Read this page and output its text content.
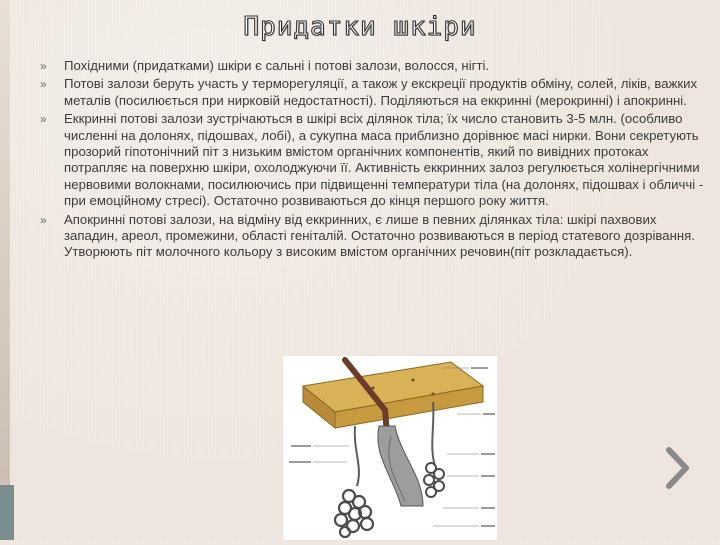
Придатки шкіри
» Похідними (придатками) шкіри є сальні і потові залози, волосся, нігті.
» Потові залози беруть участь у терморегуляції, а також у екскреції продуктів обміну, солей, ліків, важких металів (посилюється при нирковій недостатності). Поділяються на еккринні (мерокринні) і апокринні.
» Еккринні потові залози зустрічаються в шкірі всіх ділянок тіла; їх число становить 3-5 млн. (особливо численні на долонях, підошвах, лобі), а сукупна маса приблизно дорівнює масі нирки. Вони секретують прозорий гіпотонічний піт з низьким вмістом органічних компонентів, який по вивідних протоках потрапляє на поверхню шкіри, охолоджуючи її. Активність еккринних залоз регулюється холінергічними нервовими волокнами, посилюючись при підвищенні температури тіла (на долонях, підошвах і обличчі - при емоційному стресі). Остаточно розвиваються до кінця першого року життя.
» Апокринні потові залози, на відміну від еккринних, є лише в певних ділянках тіла: шкірі пахвових западин, ареол, промежини, області геніталій. Остаточно розвиваються в період статевого дозрівання. Утворюють піт молочного кольору з високим вмістом органічних речовин(піт розкладається).
